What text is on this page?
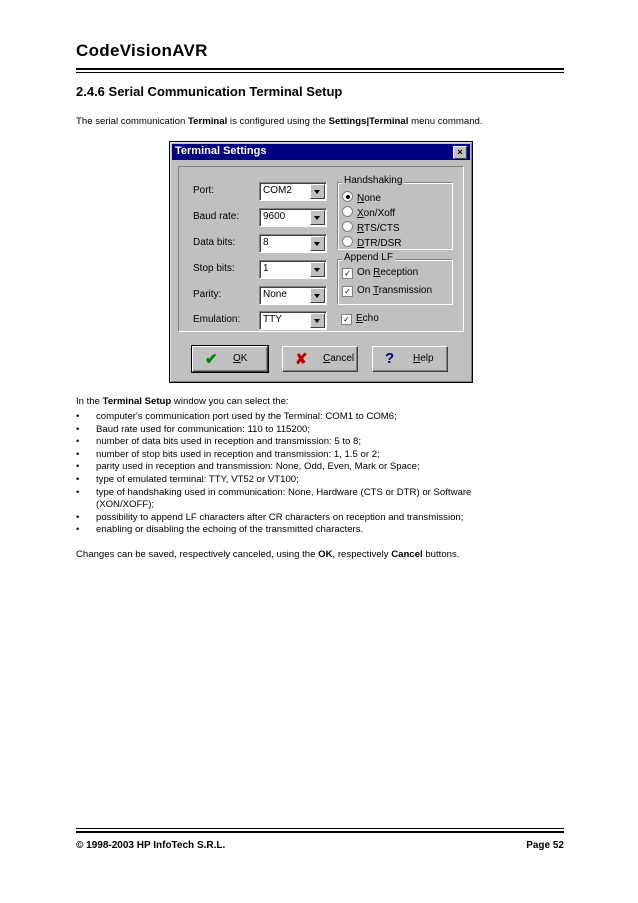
CodeVisionAVR
2.4.6 Serial Communication Terminal Setup
The serial communication Terminal is configured using the Settings|Terminal menu command.
Terminal Settings	×
Port:	COM2
Baud rate: 9600
Data bits:	8
Stop bits:	1
Parity:	None
Emulation: TTY
Handshaking
None
Xon/Xoff
RTS/CTS
DTR/DSR
Append LF
✓ On Reception
✓ On Transmission
✓ Echo
✔ OK	✘ Cancel ? Help
In the Terminal Setup window you can select the:
• computer's communication port used by the Terminal: COM1 to COM6;
• Baud rate used for communication: 110 to 115200;
• number of data bits used in reception and transmission: 5 to 8;
• number of stop bits used in reception and transmission: 1, 1.5 or 2;
• parity used in reception and transmission: None, Odd, Even, Mark or Space;
• type of emulated terminal: TTY, VT52 or VT100;
• type of handshaking used in communication: None, Hardware (CTS or DTR) or Software
(XON/XOFF);
• possibility to append LF characters after CR characters on reception and transmission;
• enabling or disabling the echoing of the transmitted characters.
Changes can be saved, respectively canceled, using the OK, respectively Cancel buttons.
© 1998-2003 HP InfoTech S.R.L.	Page 52
